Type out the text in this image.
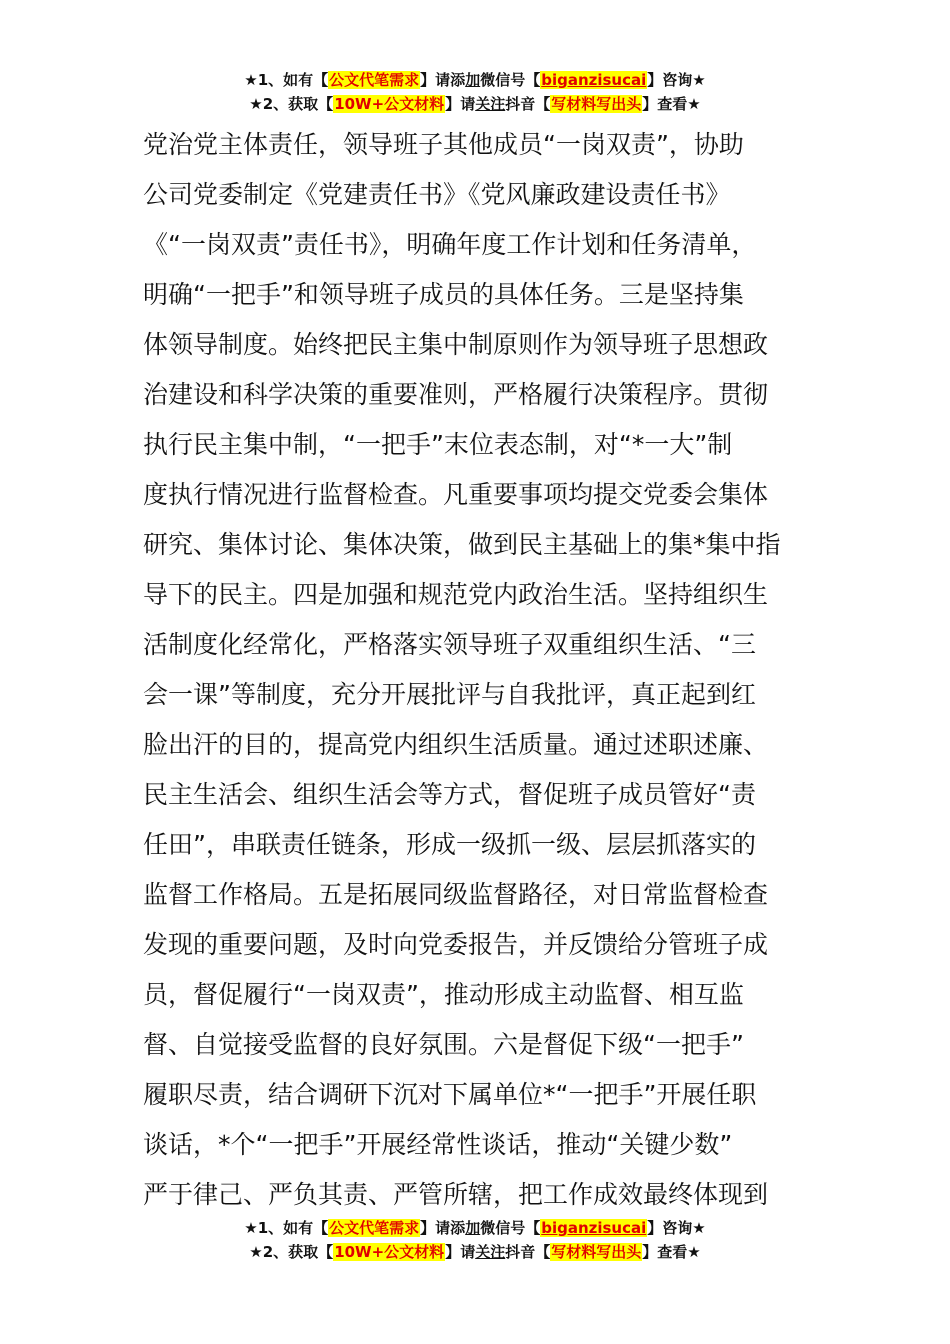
★1、如有【公文代笔需求】请添加微信号【biganzisucai】咨询★
★2、获取【10W+公文材料】请关注抖音【写材料写出头】查看★
党治党主体责任，领导班子其他成员“一岗双责”，协助
公司党委制定《党建责任书》《党风廉政建设责任书》
《“一岗双责”责任书》，明确年度工作计划和任务清单，
明确“一把手”和领导班子成员的具体任务。三是坚持集
体领导制度。始终把民主集中制原则作为领导班子思想政
治建设和科学决策的重要准则，严格履行决策程序。贯彻
执行民主集中制，“一把手”末位表态制，对“*一大”制
度执行情况进行监督检查。凡重要事项均提交党委会集体
研究、集体讨论、集体决策，做到民主基础上的集*集中指
导下的民主。四是加强和规范党内政治生活。坚持组织生
活制度化经常化，严格落实领导班子双重组织生活、“三
会一课”等制度，充分开展批评与自我批评，真正起到红
脸出汗的目的，提高党内组织生活质量。通过述职述廉、
民主生活会、组织生活会等方式，督促班子成员管好“责
任田”，串联责任链条，形成一级抓一级、层层抓落实的
监督工作格局。五是拓展同级监督路径，对日常监督检查
发现的重要问题，及时向党委报告，并反馈给分管班子成
员，督促履行“一岗双责”，推动形成主动监督、相互监
督、自觉接受监督的良好氛围。六是督促下级“一把手”
履职尽责，结合调研下沉对下属单位*“一把手”开展任职
谈话，*个“一把手”开展经常性谈话，推动“关键少数”
严于律己、严负其责、严管所辖，把工作成效最终体现到
★1、如有【公文代笔需求】请添加微信号【biganzisucai】咨询★
★2、获取【10W+公文材料】请关注抖音【写材料写出头】查看★
